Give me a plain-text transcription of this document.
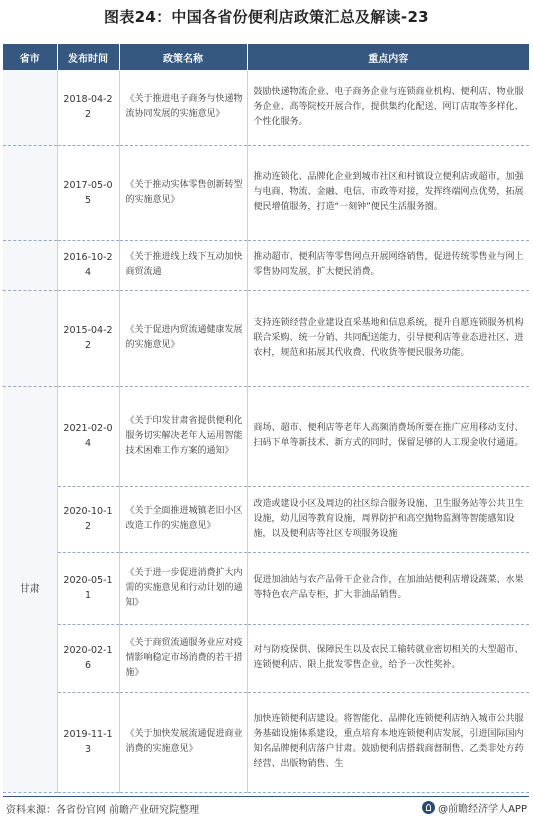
图表24：中国各省份便利店政策汇总及解读-23
省市	发布时间	政策名称	重点内容
	2018-04-22	《关于推进电子商务与快递物流协同发展的实施意见》	鼓励快递物流企业、电子商务企业与连锁商业机构、便利店、物业服务企业、高等院校开展合作，提供集约化配送、网订店取等多样化、个性化服务。
	2017-05-05	《关于推动实体零售创新转型的实施意见》	推动连锁化、品牌化企业到城市社区和村镇设立便利店或超市，加强与电商、物流、金融、电信、市政等对接，发挥终端网点优势，拓展便民增值服务，打造“一刻钟”便民生活服务圈。
	2016-10-24	《关于推进线上线下互动加快商贸流通	推动超市、便利店等零售网点开展网络销售，促进传统零售业与网上零售协同发展，扩大便民消费。
	2015-04-22	《关于促进内贸流通健康发展的实施意见》	支持连锁经营企业建设直采基地和信息系统，提升自愿连锁服务机构联合采购、统一分销、共同配送能力，引导便利店等业态进社区、进农村，规范和拓展其代收费、代收货等便民服务功能。
甘肃	2021-02-04	《关于印发甘肃省提供便利化服务切实解决老年人运用智能技术困难工作方案的通知》	商场、超市、便利店等老年人高频消费场所要在推广应用移动支付、扫码下单等新技术、新方式的同时，保留足够的人工现金收付通道。
	2020-10-12	《关于全面推进城镇老旧小区改造工作的实施意见》	改造或建设小区及周边的社区综合服务设施、卫生服务站等公共卫生设施，幼儿园等教育设施，周界防护和高空抛物监测等智能感知设施，以及便利店等社区专项服务设施
	2020-05-11	《关于进一步促进消费扩大内需的实施意见和行动计划的通知》	促进加油站与农产品骨干企业合作，在加油站便利店增设蔬菜、水果等特色农产品专柜，扩大非油品销售。
	2020-02-16	《关于商贸流通服务业应对疫情影响稳定市场消费的若干措施》	对与防疫保供、保障民生以及农民工输转就业密切相关的大型超市、连锁便利店、限上批发零售企业，给予一次性奖补。
	2019-11-13	《关于加快发展流通促进商业消费的实施意见》	加快连锁便利店建设。将智能化、品牌化连锁便利店纳入城市公共服务基础设施体系建设，重点培育本地连锁便利店发展，引进国际国内知名品牌便利店落户甘肃。鼓励便利店搭载商督制售、乙类非处方药经营、出版物销售、生
资料来源：各省份官网 前瞻产业研究院整理	@前瞻经济学人APP
